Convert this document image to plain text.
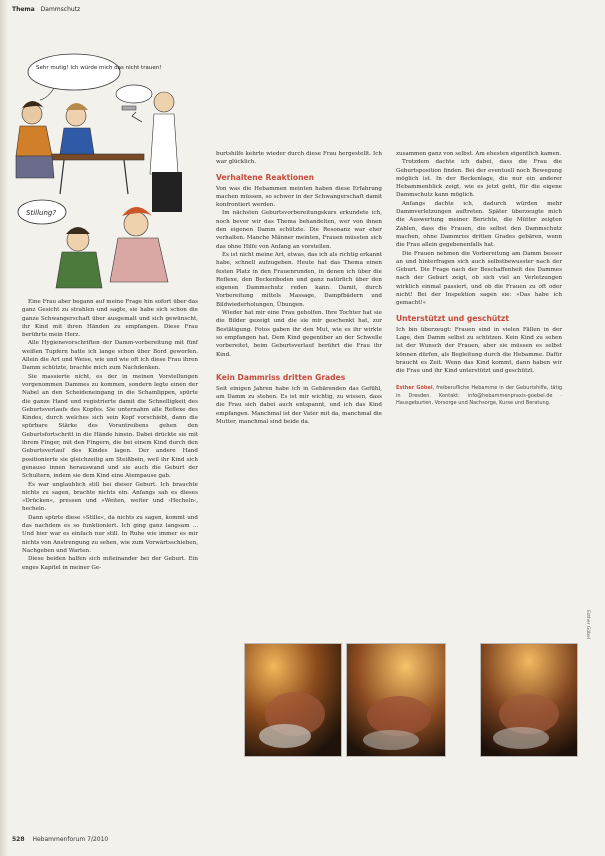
Thema Dammschutz
Sehr mutig! Ich würde mich das nicht trauen!
Stillung?

Eine Frau aber begann auf meine Frage hin sofort über das ganz Gesicht zu strahlen und sagte, sie habe sich schon die ganze Schwangerschaft über ausgemalt und sich gewünscht, ihr Kind mit ihren Händen zu empfangen. Diese Frau berührte mein Herz.

Alle Hygienevorschriften der Damm-vorbereitung mit fünf weißen Tupfern hatte ich lange schon über Bord geworfen. Allein die Art und Weise, wie und wie oft ich diese Frau ihren Damm schützte, brachte mich zum Nachdenken.

Sie massierte nicht, es der in meinen Vorstellungen vorgenommen Dammes zu kommen, sondern legte einen der Nabel an den Scheideneingang in die Schamlippen, spürte die ganze Hand und registrierte damit die Schnelligkeit des Geburtsverlaufs des Kopfes. Sie unternahm alle Reflexe des Kindes, durch welches sich sein Kopf vorschiebt, dann die spürbare Stärke des Vorantreibens gehen den Geburtsfortschritt in die Hände hinein. Dabei drückte sie mit ihrem Finger, mit den Fingern, die bei einem Kind durch den Geburtsverlauf des Kindes lagen. Der andere Hand positionierte sie gleichzeitig am Steißbein, weil ihr Kind sich genauso innen herauswand und sie auch die Geburt der Schultern, indem sie dem Kind eine Atempause gab.

Es war unglaublich still bei dieser Geburt. Ich brauchte nichts zu sagen, brachte nichts ein. Anfangs sah es dieses »Drücken«, pressen und »Weiten, weiter und ›Hecheln‹, hecheln.

Dann spürte diese »Stille«, da nichts zu sagen, kommt und das nachdem es so funktioniert. Ich ging ganz langsam ... Und hier war es einfach nur still. In Ruhe wie immer es mir nichts von Anstrengung zu sehen, wie zum Vorwärtsschieben, Nachgeben und Warten.

Diese beiden halfen sich miteinander bei der Geburt. Ein enges Kapitel in meiner Ge-

burtshilfe kehrte wieder durch diese Frau hergestellt. Ich war glücklich.

Verhaltene Reaktionen

Von was die Hebammen meinten haben diese Erfahrung machen müssen, so schwer in der Schwangerschaft damit konfrontiert werden.

Im nächsten Geburtsvorbereitungskurs erkundete ich, noch bevor wir das Thema behandelten, wer von ihnen den eigenen Damm schützte. Die Resonanz war eher verhalten. Manche Männer meinten, Frauen müssten sich das ohne Hilfe von Anfang an vorstellen.

Es ist nicht meine Art, etwas, das ich als richtig erkannt habe, schnell aufzugeben. Heute hat das Thema einen festen Platz in den Frauenrunden, in denen ich über die Reflexe, den Beckenboden und ganz natürlich über den eigenen Dammschutz reden kann. Damit, durch Vorbereitung mittels Massage, Dampfbädern und Bildwiederholungen, Übungen.

Wieder hat mir eine Frau geholfen. Ihre Tochter hat sie die Bilder gezeigt und die sie mir geschenkt hat, zur Bestätigung. Fotos gaben ihr den Mut, wie es ihr wirkte so empfangen hat. Dem Kind gegenüber an der Schwelle vorbereitet, beim Geburtsverlauf berührt die Frau ihr Kind.

Kein Dammriss dritten Grades

Seit einigen Jahren habe ich in Gebärenden das Gefühl, am Damm zu stehen. Es ist mir wichtig, zu wissen, dass die Frau sich dabei auch entspannt, und ich das Kind empfangen. Manchmal ist der Vater mit da, manchmal die Mutter, manchmal sind beide da.

zusammen ganz von selbst. Am ehesten eigentlich kamen.

Trotzdem dachte ich dabei, dass die Frau die Geburtsposition finden. Bei der eventuell noch Bewegung möglich ist. In der Beckenlage, die nur ein anderer Hebammenblick zeigt, wie es jetzt geht, für die eigene Dammschutz kann möglich.

Anfangs dachte ich, dadurch würden mehr Dammverletzungen auftreten. Später überzeugte mich die Auswertung meiner Berichte, die Mütter zeigten Zahlen, dass die Frauen, die selbst den Dammschutz machen, ohne Dammriss dritten Grades gebären, wenn die Frau allein gegebenenfalls hat.

Die Frauen nehmen die Vorbereitung am Damm besser an und hinterfragen sich auch selbstbewusster nach der Geburt. Die Frage nach der Beschaffenheit des Dammes nach der Geburt zeigt, ob sich viel an Verletzungen wirklich einmal passiert, und ob die Frauen zu oft oder nicht! Bei der Inspektion sagen sie: »Das habe ich gemacht!«

Unterstützt und geschützt

Ich bin überzeugt: Frauen sind in vielen Fällen in der Lage, den Damm selbst zu schützen. Kein Kind zu sehen ist der Wunsch der Frauen, aber sie müssen es selbst können dürfen, als Begleitung durch die Hebamme. Dafür braucht es Zeit. Wenn das Kind kommt, dann haben wir die Frau und ihr Kind unterstützt und geschützt.

Esther Göbel, freiberufliche Hebamme in der Geburtshilfe, tätig in Dresden. Kontakt: info@hebammenpraxis-goebel.de · Hausgeburten, Vorsorge und Nachsorge, Kurse und Beratung.
Esther Göbel
528 Hebammenforum 7/2010
